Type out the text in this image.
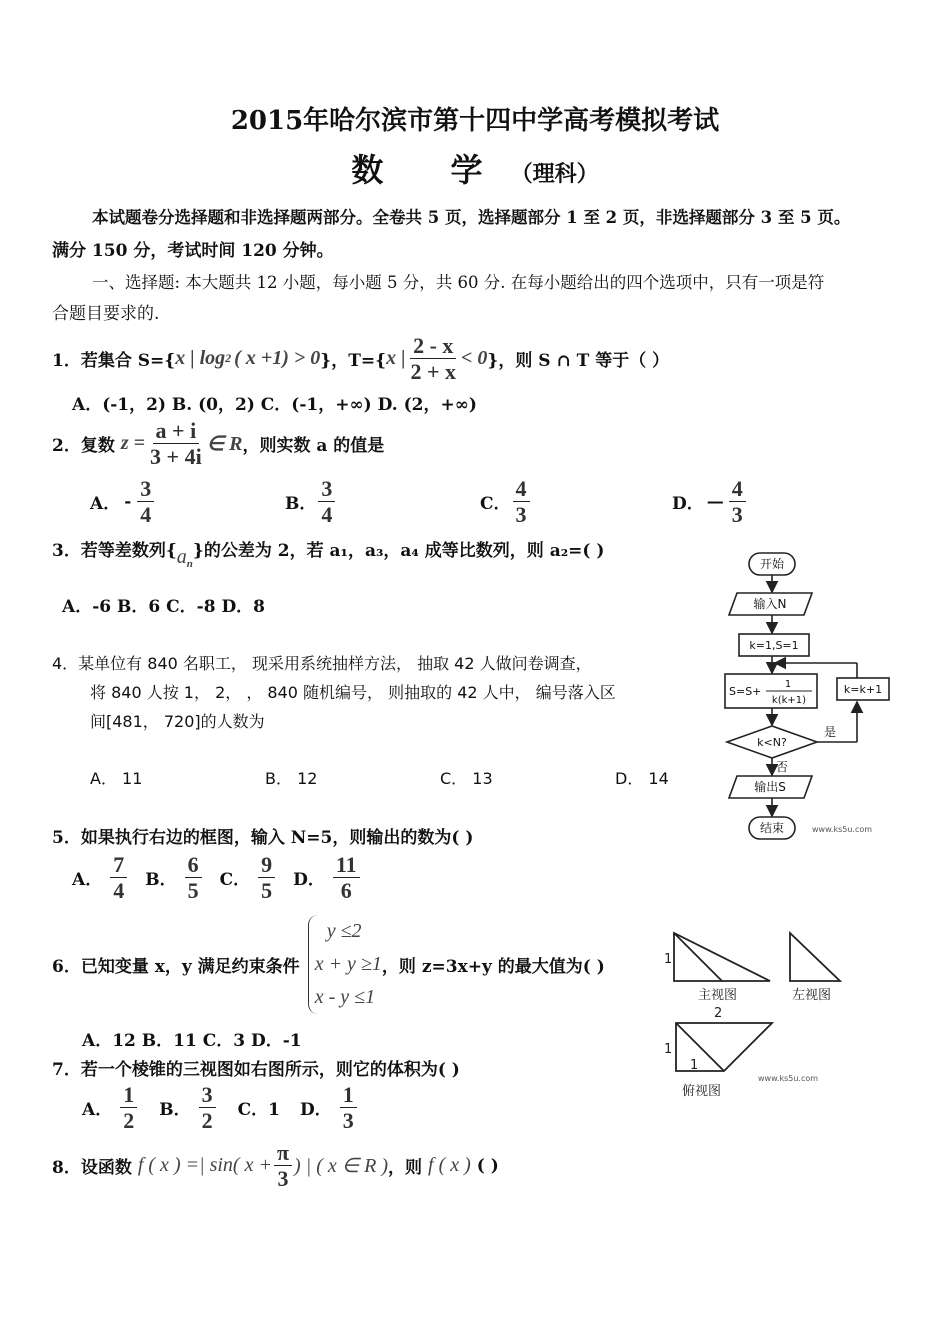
2015年哈尔滨市第十四中学高考模拟考试
数 学（理科）
本试题卷分选择题和非选择题两部分。全卷共 5 页，选择题部分 1 至 2 页，非选择题部分 3 至 5 页。
满分 150 分，考试时间 120 分钟。
一、选择题: 本大题共 12 小题，每小题 5 分，共 60 分. 在每小题给出的四个选项中，只有一项是符
合题目要求的.
1．若集合 S={ x | log 2 ( x +1) > 0 }，T={ x | $\frac{2 - x}{2 + x} < 0$ }，则 S ∩ T 等于（ ）
A．(-1，2) B. (0，2) C．(-1，+∞) D. (2，+∞)
2．复数 $z = \frac{a + i}{3 + 4i}$ ∈ R ，则实数 a 的值是
A． - $\frac{3}{4}$	B． $\frac{3}{4}$	C． $\frac{4}{3}$	D． — $\frac{4}{3}$
3．若等差数列{ $a_n$
}的公差为 2，若 a₁，a₃，a₄ 成等比数列，则 a₂=( )
A．-6 B．6 C．-8 D．8
4．某单位有 840 名职工， 现采用系统抽样方法， 抽取 42 人做问卷调查，
将 840 人按 1， 2， ， 840 随机编号， 则抽取的 42 人中， 编号落入区
间[481， 720]的人数为
A． 11	B． 12	C． 13	D． 14
5．如果执行右边的框图，输入 N=5，则输出的数为( )
A． $\frac{7}{4}$ B． $\frac{6}{5}$ C． $\frac{9}{5}$ D． $\frac{11}{6}$
6．已知变量 x，y 满足约束条件
y ≤2
x + y ≥1
x - y ≤1
，则 z=3x+y 的最大值为( )
A．12 B．11 C．3 D．-1
7．若一个棱锥的三视图如右图所示，则它的体积为( )
A． $\frac{1}{2}$ B． $\frac{3}{2}$ C．1 D． $\frac{1}{3}$
8．设函数 f ( x ) =| sin( $x + \frac{\pi}{3}$ ) | ( x ∈ R ) ，则 f ( x ) ( )
开始
输入N
k=1,S=1
S=S+
1
k(k+1)
k=k+1
k<N?
是
否
输出S
结束	www.ks5u.com
1
主视图	左视图
2
1
1
俯视图
www.ks5u.com
